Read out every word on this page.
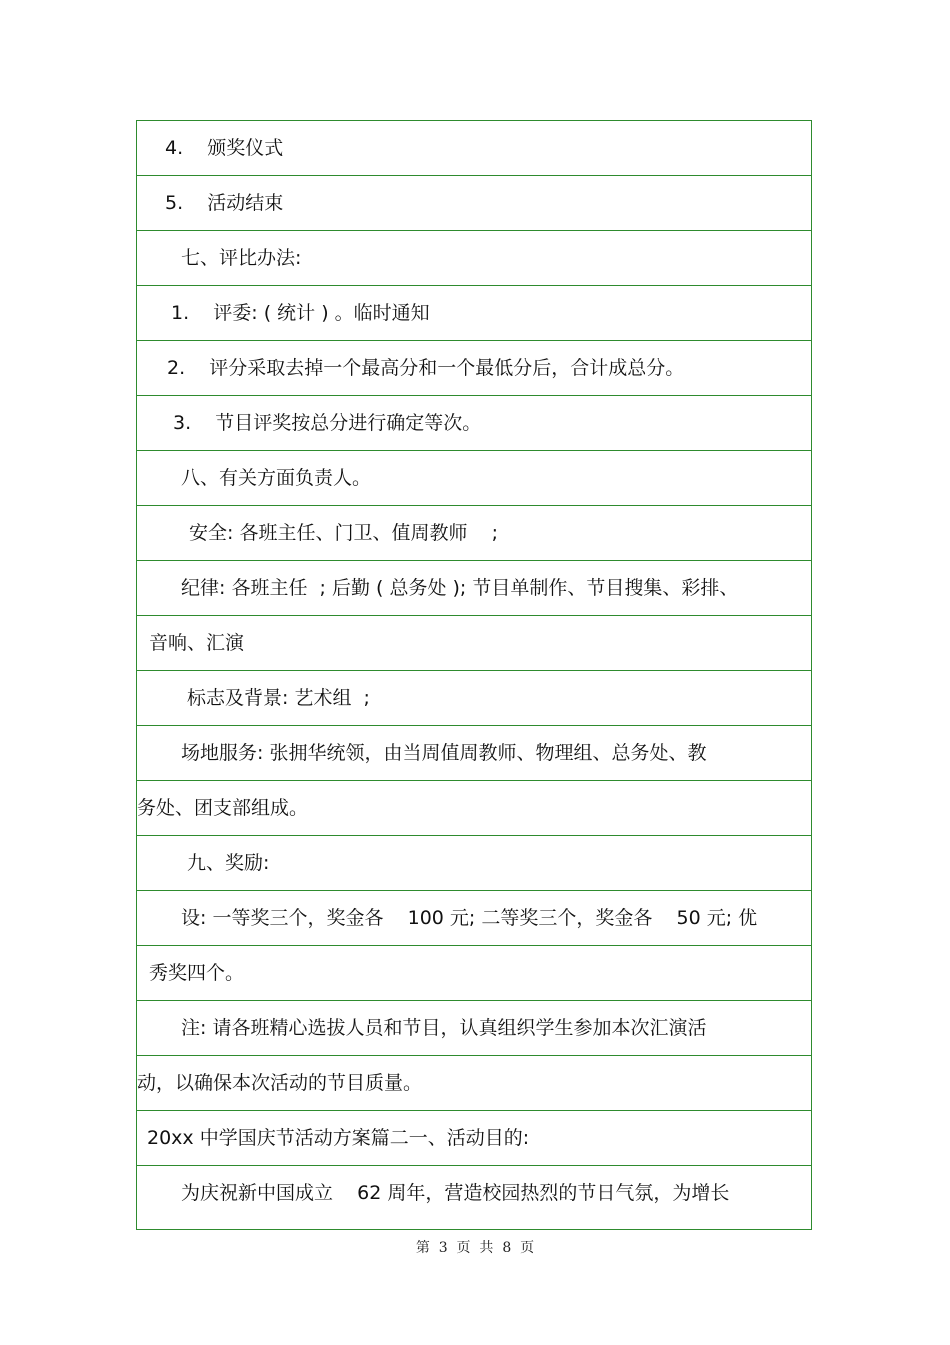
4.    颁奖仪式
5.    活动结束
七、评比办法:
1.    评委: ( 统计 ) 。临时通知
2.    评分采取去掉一个最高分和一个最低分后，合计成总分。
3.    节目评奖按总分进行确定等次。
八、有关方面负责人。
安全: 各班主任、门卫、值周教师    ;
纪律: 各班主任  ; 后勤 ( 总务处 ); 节目单制作、节目搜集、彩排、
音响、汇演
标志及背景: 艺术组  ;
场地服务: 张拥华统领，由当周值周教师、物理组、总务处、教
务处、团支部组成。
九、奖励:
设: 一等奖三个，奖金各    100 元; 二等奖三个，奖金各    50 元; 优
秀奖四个。
注: 请各班精心选拔人员和节目，认真组织学生参加本次汇演活
动，以确保本次活动的节目质量。
20xx 中学国庆节活动方案篇二一、活动目的:
为庆祝新中国成立    62 周年，营造校园热烈的节日气氛，为增长
第  3  页  共  8  页
